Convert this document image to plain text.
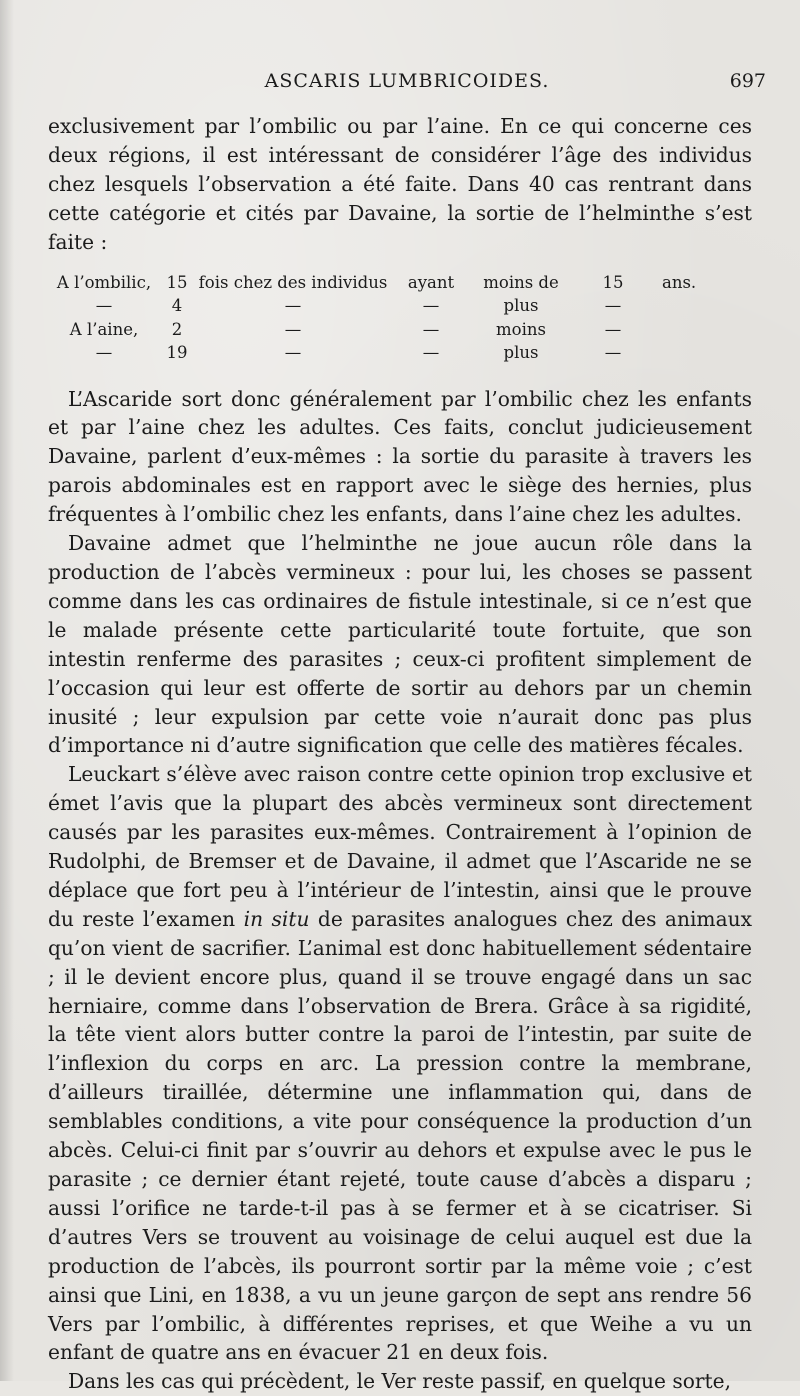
ASCARIS LUMBRICOIDES.	697

exclusivement par l’ombilic ou par l’aine. En ce qui concerne ces deux régions, il est intéressant de considérer l’âge des individus chez lesquels l’observation a été faite. Dans 40 cas rentrant dans cette catégorie et cités par Davaine, la sortie de l’helminthe s’est faite :

A l’ombilic,	15	fois chez des individus	ayant	moins de	15	ans.
—	4	—	—	plus	—	
A l’aine,	2	—	—	moins	—	
—	19	—	—	plus	—	

L’Ascaride sort donc généralement par l’ombilic chez les enfants et par l’aine chez les adultes. Ces faits, conclut judicieusement Davaine, parlent d’eux-mêmes : la sortie du parasite à travers les parois abdominales est en rapport avec le siège des hernies, plus fréquentes à l’ombilic chez les enfants, dans l’aine chez les adultes.

Davaine admet que l’helminthe ne joue aucun rôle dans la production de l’abcès vermineux : pour lui, les choses se passent comme dans les cas ordinaires de fistule intestinale, si ce n’est que le malade présente cette particularité toute fortuite, que son intestin renferme des parasites ; ceux-ci profitent simplement de l’occasion qui leur est offerte de sortir au dehors par un chemin inusité ; leur expulsion par cette voie n’aurait donc pas plus d’importance ni d’autre signification que celle des matières fécales.

Leuckart s’élève avec raison contre cette opinion trop exclusive et émet l’avis que la plupart des abcès vermineux sont directement causés par les parasites eux-mêmes. Contrairement à l’opinion de Rudolphi, de Bremser et de Davaine, il admet que l’Ascaride ne se déplace que fort peu à l’intérieur de l’intestin, ainsi que le prouve du reste l’examen in situ de parasites analogues chez des animaux qu’on vient de sacrifier. L’animal est donc habituellement sédentaire ; il le devient encore plus, quand il se trouve engagé dans un sac herniaire, comme dans l’observation de Brera. Grâce à sa rigidité, la tête vient alors butter contre la paroi de l’intestin, par suite de l’inflexion du corps en arc. La pression contre la membrane, d’ailleurs tiraillée, détermine une inflammation qui, dans de semblables conditions, a vite pour conséquence la production d’un abcès. Celui-ci finit par s’ouvrir au dehors et expulse avec le pus le parasite ; ce dernier étant rejeté, toute cause d’abcès a disparu ; aussi l’orifice ne tarde-t-il pas à se fermer et à se cicatriser. Si d’autres Vers se trouvent au voisinage de celui auquel est due la production de l’abcès, ils pourront sortir par la même voie ; c’est ainsi que Lini, en 1838, a vu un jeune garçon de sept ans rendre 56 Vers par l’ombilic, à différentes reprises, et que Weihe a vu un enfant de quatre ans en évacuer 21 en deux fois.

Dans les cas qui précèdent, le Ver reste passif, en quelque sorte,
